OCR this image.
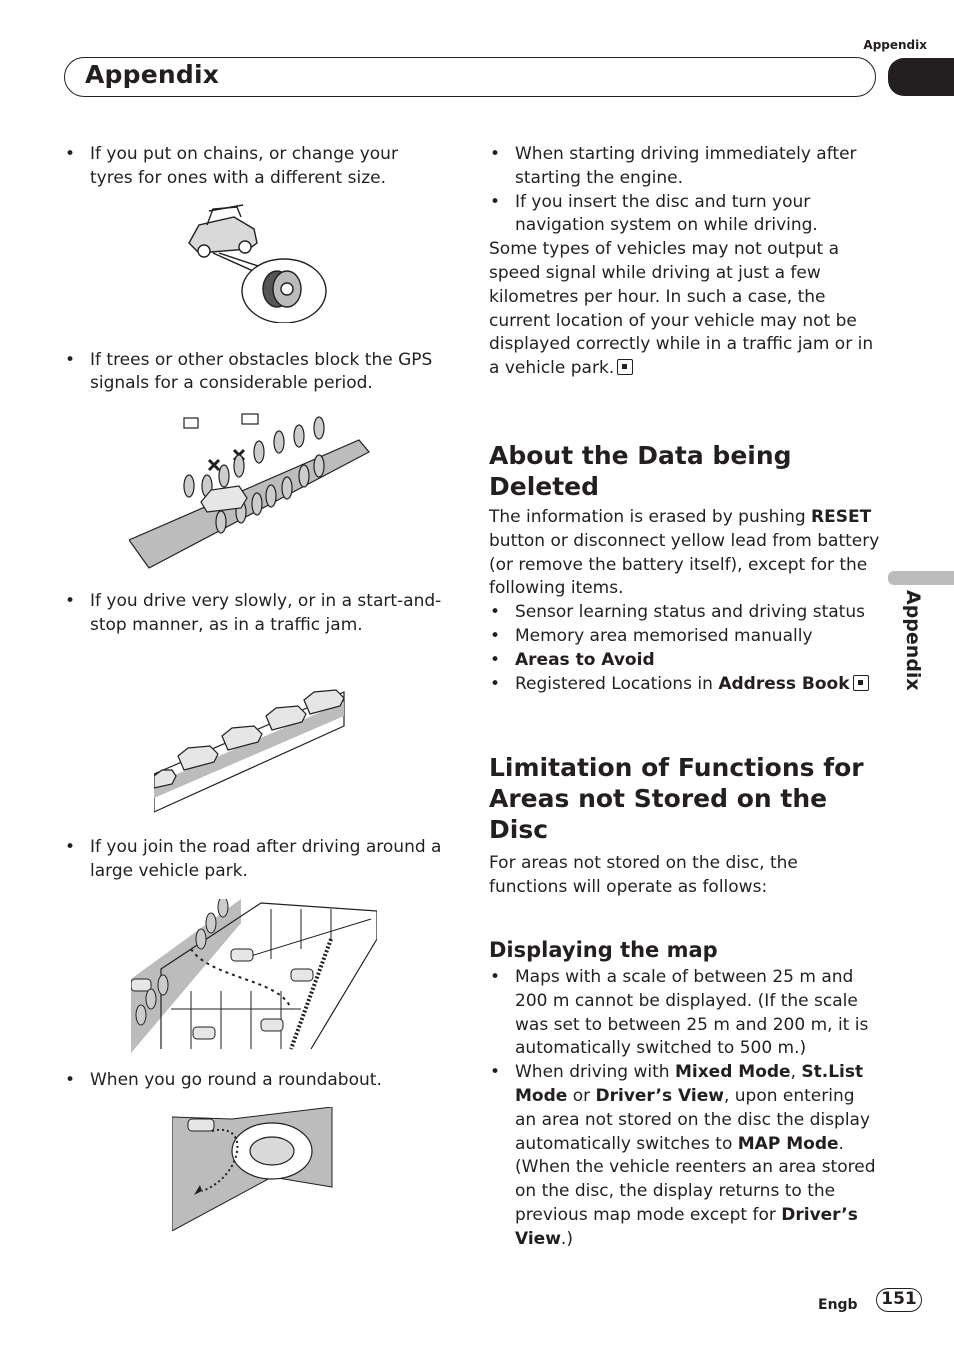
Appendix
Appendix
Appendix
• If you put on chains, or change your tyres for ones with a different size.
• If trees or other obstacles block the GPS signals for a considerable period.
• If you drive very slowly, or in a start-and-stop manner, as in a traffic jam.
• If you join the road after driving around a large vehicle park.
• When you go round a roundabout.
• When starting driving immediately after starting the engine.
• If you insert the disc and turn your navigation system on while driving.

Some types of vehicles may not output a speed signal while driving at just a few kilometres per hour. In such a case, the current location of your vehicle may not be displayed correctly while in a traffic jam or in a vehicle park.

About the Data being Deleted

The information is erased by pushing RESET button or disconnect yellow lead from battery (or remove the battery itself), except for the following items.

• Sensor learning status and driving status
• Memory area memorised manually
• Areas to Avoid
• Registered Locations in Address Book
Limitation of Functions for Areas not Stored on the Disc

For areas not stored on the disc, the functions will operate as follows:

Displaying the map
• Maps with a scale of between 25 m and 200 m cannot be displayed. (If the scale was set to between 25 m and 200 m, it is automatically switched to 500 m.)
• When driving with Mixed Mode, St.List Mode or Driver’s View, upon entering an area not stored on the disc the display automatically switches to MAP Mode. (When the vehicle reenters an area stored on the disc, the display returns to the previous map mode except for Driver’s View.)
Engb	151
